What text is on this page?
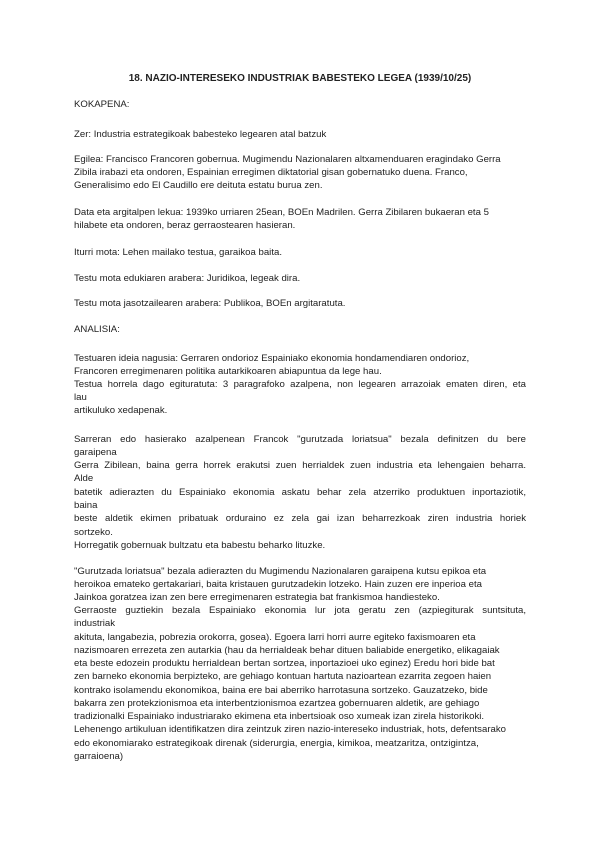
18. NAZIO-INTERESEKO INDUSTRIAK BABESTEKO LEGEA (1939/10/25)
KOKAPENA:
Zer: Industria estrategikoak babesteko legearen atal batzuk
Egilea: Francisco Francoren gobernua. Mugimendu Nazionalaren altxamenduaren eragindako Gerra
Zibila irabazi eta ondoren, Espainian erregimen diktatorial gisan gobernatuko duena. Franco,
Generalisimo edo El Caudillo ere deituta estatu burua zen.
Data eta argitalpen lekua: 1939ko urriaren 25ean, BOEn Madrilen. Gerra Zibilaren bukaeran eta 5
hilabete eta ondoren, beraz gerraostearen hasieran.
Iturri mota: Lehen mailako testua, garaikoa baita.
Testu mota edukiaren arabera: Juridikoa, legeak dira.
Testu mota jasotzailearen arabera: Publikoa, BOEn argitaratuta.
ANALISIA:
Testuaren ideia nagusia: Gerraren ondorioz Espainiako ekonomia hondamendiaren ondorioz,
Francoren erregimenaren politika autarkikoaren abiapuntua da lege hau.
Testua horrela dago egituratuta: 3 paragrafoko azalpena, non legearen arrazoiak ematen diren, eta
lau
artikuluko xedapenak.
Sarreran edo hasierako azalpenean Francok "gurutzada loriatsua" bezala definitzen du bere
garaipena
Gerra Zibilean, baina gerra horrek erakutsi zuen herrialdek zuen industria eta lehengaien beharra.
Alde
batetik adierazten du Espainiako ekonomia askatu behar zela atzerriko produktuen inportaziotik,
baina
beste aldetik ekimen pribatuak orduraino ez zela gai izan beharrezkoak ziren industria horiek
sortzeko.
Horregatik gobernuak bultzatu eta babestu beharko lituzke.
"Gurutzada loriatsua" bezala adierazten du Mugimendu Nazionalaren garaipena kutsu epikoa eta
heroikoa emateko gertakariari, baita kristauen gurutzadekin lotzeko. Hain zuzen ere inperioa eta
Jainkoa goratzea izan zen bere erregimenaren estrategia bat frankismoa handiesteko.
Gerraoste guztiekin bezala Espainiako ekonomia lur jota geratu zen (azpiegiturak suntsituta,
industriak
akituta, langabezia, pobrezia orokorra, gosea). Egoera larri horri aurre egiteko faxismoaren eta
nazismoaren errezeta zen autarkia (hau da herrialdeak behar dituen baliabide energetiko, elikagaiak
eta beste edozein produktu herrialdean bertan sortzea, inportazioei uko eginez) Eredu hori bide bat
zen barneko ekonomia berpizteko, are gehiago kontuan hartuta nazioartean ezarrita zegoen haien
kontrako isolamendu ekonomikoa, baina ere bai aberriko harrotasuna sortzeko. Gauzatzeko, bide
bakarra zen protekzionismoa eta interbentzionismoa ezartzea gobernuaren aldetik, are gehiago
tradizionalki Espainiako industriarako ekimena eta inbertsioak oso xumeak izan zirela historikoki.
Lehenengo artikuluan identifikatzen dira zeintzuk ziren nazio-intereseko industriak, hots, defentsarako
edo ekonomiarako estrategikoak direnak (siderurgia, energia, kimikoa, meatzaritza, ontzigintza,
garraioena)
